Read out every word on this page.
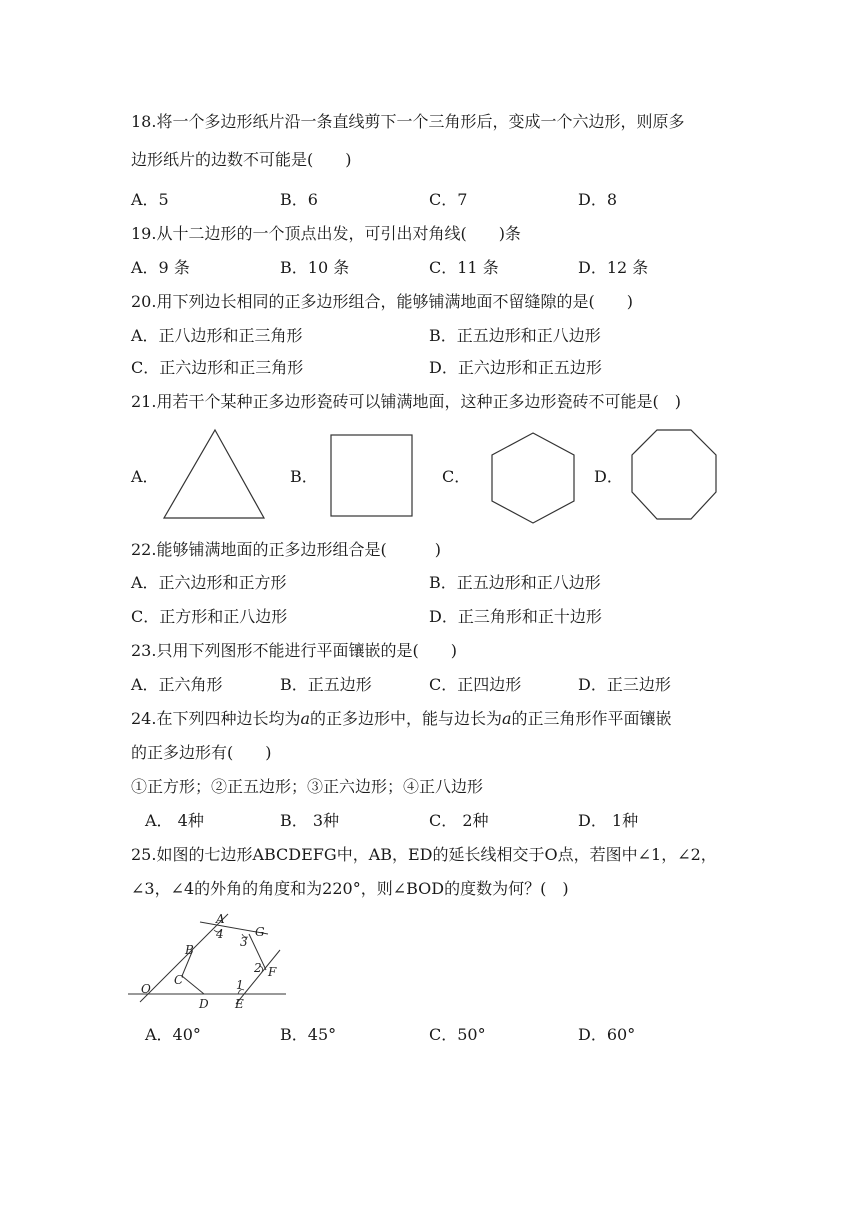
18.将一个多边形纸片沿一条直线剪下一个三角形后，变成一个六边形，则原多
边形纸片的边数不可能是(　　)
A．5	B．6	C．7	D．8
19.从十二边形的一个顶点出发，可引出对角线(　　)条
A．9 条	B．10 条	C．11 条	D．12 条
20.用下列边长相同的正多边形组合，能够铺满地面不留缝隙的是(　　)
A．正八边形和正三角形	B．正五边形和正八边形
C．正六边形和正三角形	D．正六边形和正五边形
21.用若干个某种正多边形瓷砖可以铺满地面，这种正多边形瓷砖不可能是(　)
A．	B．	C．	D．
22.能够铺满地面的正多边形组合是(　　　)
A．正六边形和正方形	B．正五边形和正八边形
C．正方形和正八边形	D．正三角形和正十边形
23.只用下列图形不能进行平面镶嵌的是(　　)
A．正六角形	B．正五边形	C．正四边形	D．正三边形
24.在下列四种边长均为𝑎的正多边形中，能与边长为𝑎的正三角形作平面镶嵌
的正多边形有(　　)
①正方形；②正五边形；③正六边形；④正八边形
A． 4种	B． 3种	C． 2种	D． 1种
25.如图的七边形ABCDEFG中，AB，ED的延长线相交于O点，若图中∠1，∠2，
∠3，∠4的外角的角度和为220°，则∠BOD的度数为何？(　)
A
B
C
D E
F
G
O	1
2
3
4
A．40°	B．45°	C．50°	D．60°
